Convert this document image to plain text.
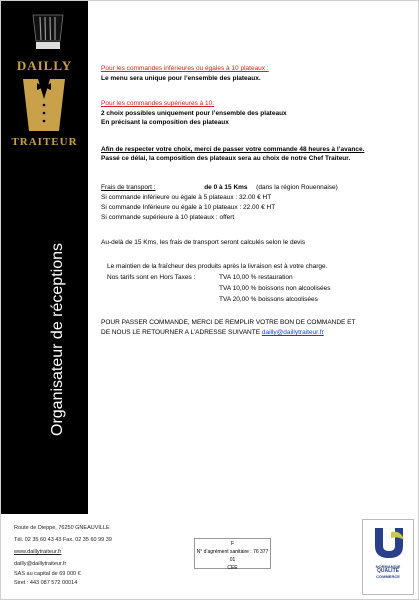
DAILLY
TRAITEUR
Organisateur de réceptions
Pour les commandes inférieures ou égales à 10 plateaux :
Le menu sera unique pour l’ensemble des plateaux.
Pour les commandes supérieures à 10:
2 choix possibles uniquement pour l’ensemble des plateaux
En précisant la composition des plateaux
Afin de respecter votre choix, merci de passer votre commande 48 heures à l’avance.
Passé ce délai, la composition des plateaux sera au choix de notre Chef Traiteur.
Frais de transport :	de 0 à 15 Kms (dans la région Rouennaise)
Si commande inférieure ou égale à 5 plateaux : 32.00 € HT
Si commande Inférieure ou égale à 10 plateaux : 22.00 € HT
Si commande supérieure à 10 plateaux : offert
Au-delà de 15 Kms, les frais de transport seront calculés selon le devis
Le maintien de la fraîcheur des produits après la livraison est à votre charge.
Nos tarifs sont en Hors Taxes :	TVA 10,00 % restauration
TVA 10,00 % boissons non alcoolisées
TVA 20,00 % boissons alcoolisées
POUR PASSER COMMANDE, MERCI DE REMPLIR VOTRE BON DE COMMANDE ET
DE NOUS LE RETOURNER A L’ADRESSE SUIVANTE dailly@daillytraiteur.fr
Route de Dieppe, 76250 GNEAUVILLE
Tél. 02 35 60 43 43 Fax. 02 35 60 99 39
www.daillytraiteur.fr
dailly@daillytraiteur.fr
SAS au capital de 69 000 €
Siret : 443 087 572 00014
F
N° d’agrément sanitaire : 76 377 01
CEE	NORMANDIE
QUALITÉ
COMMERCE
